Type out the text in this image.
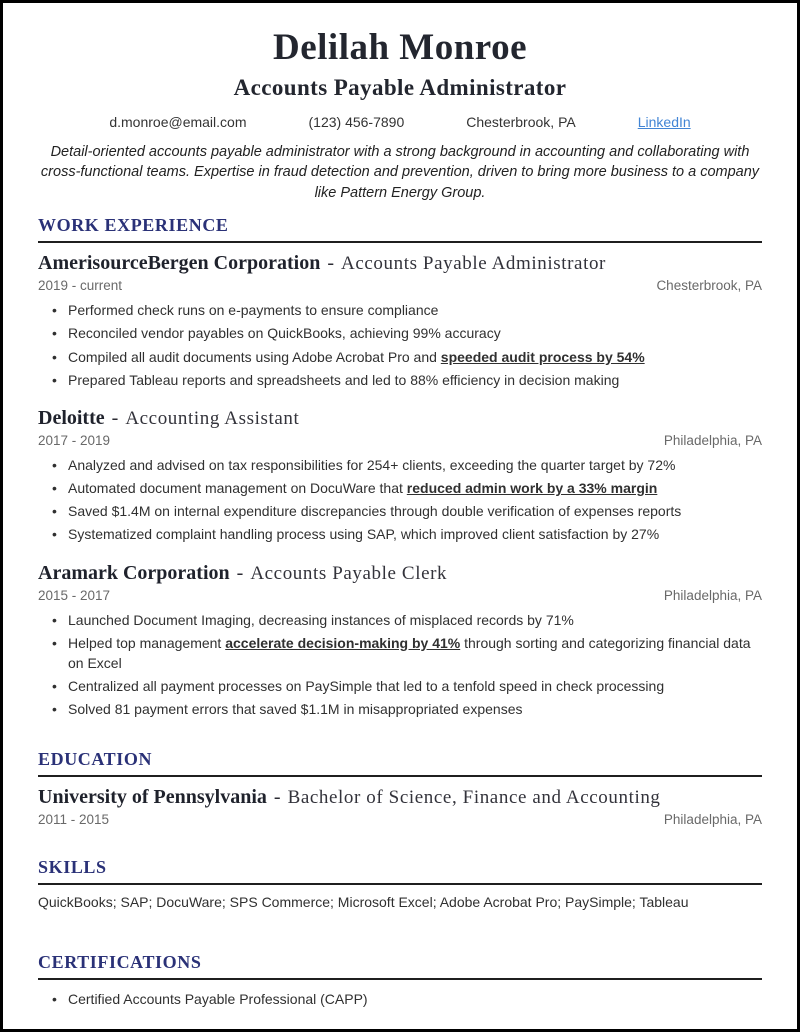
Delilah Monroe
Accounts Payable Administrator
d.monroe@email.com	(123) 456-7890	Chesterbrook, PA	LinkedIn

Detail-oriented accounts payable administrator with a strong background in accounting and collaborating with cross-functional teams. Expertise in fraud detection and prevention, driven to bring more business to a company like Pattern Energy Group.

WORK EXPERIENCE
AmerisourceBergen Corporation - Accounts Payable Administrator
2019 - current	Chesterbrook, PA
• Performed check runs on e-payments to ensure compliance
• Reconciled vendor payables on QuickBooks, achieving 99% accuracy
• Compiled all audit documents using Adobe Acrobat Pro and speeded audit process by 54%
• Prepared Tableau reports and spreadsheets and led to 88% efficiency in decision making
Deloitte - Accounting Assistant
2017 - 2019	Philadelphia, PA
• Analyzed and advised on tax responsibilities for 254+ clients, exceeding the quarter target by 72%
• Automated document management on DocuWare that reduced admin work by a 33% margin
• Saved $1.4M on internal expenditure discrepancies through double verification of expenses reports
• Systematized complaint handling process using SAP, which improved client satisfaction by 27%
Aramark Corporation - Accounts Payable Clerk
2015 - 2017	Philadelphia, PA
• Launched Document Imaging, decreasing instances of misplaced records by 71%
• Helped top management accelerate decision-making by 41% through sorting and categorizing financial data on Excel
• Centralized all payment processes on PaySimple that led to a tenfold speed in check processing
• Solved 81 payment errors that saved $1.1M in misappropriated expenses
EDUCATION
University of Pennsylvania - Bachelor of Science, Finance and Accounting
2011 - 2015	Philadelphia, PA
SKILLS

QuickBooks; SAP; DocuWare; SPS Commerce; Microsoft Excel; Adobe Acrobat Pro; PaySimple; Tableau

CERTIFICATIONS
• Certified Accounts Payable Professional (CAPP)
